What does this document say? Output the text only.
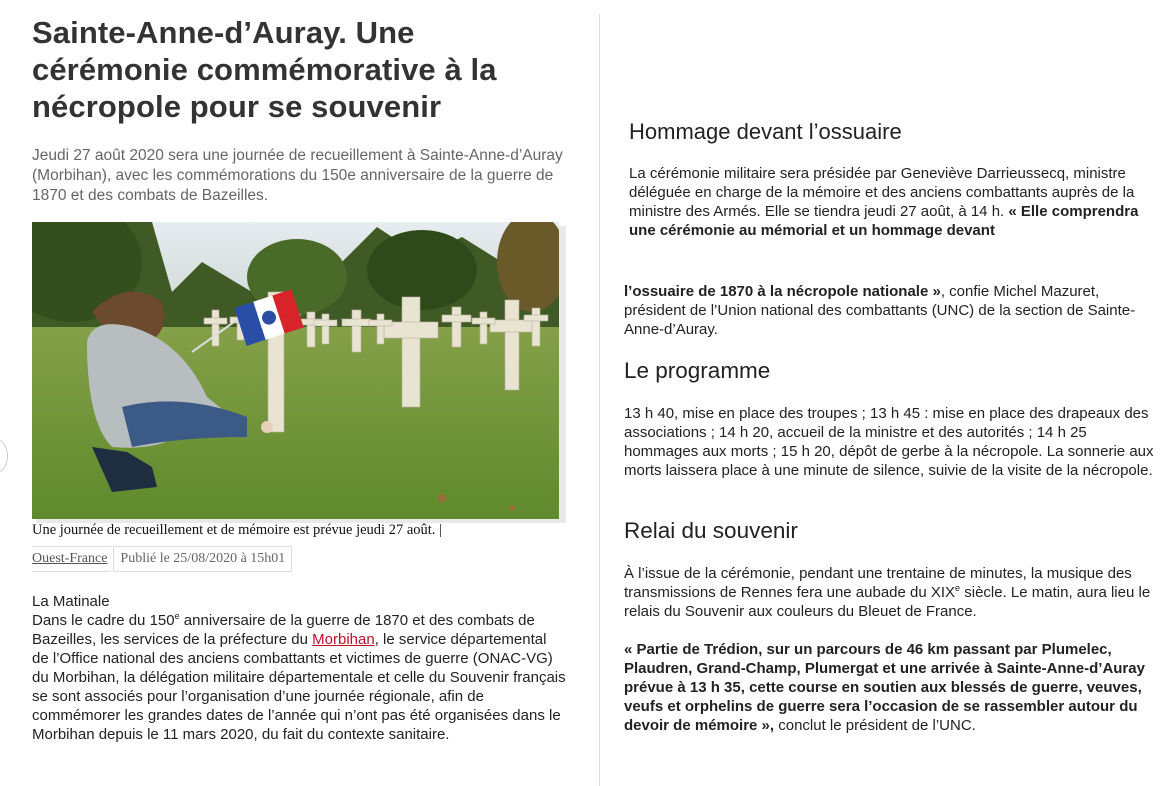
Sainte-Anne-d’Auray. Une cérémonie commémorative à la nécropole pour se souvenir
Jeudi 27 août 2020 sera une journée de recueillement à Sainte-Anne-d’Auray (Morbihan), avec les commémorations du 150e anniversaire de la guerre de 1870 et des combats de Bazeilles.
Une journée de recueillement et de mémoire est prévue jeudi 27 août. |
Ouest-France Publié le 25/08/2020 à 15h01
La Matinale
Dans le cadre du 150e anniversaire de la guerre de 1870 et des combats de Bazeilles, les services de la préfecture du Morbihan, le service départemental de l’Office national des anciens combattants et victimes de guerre (ONAC-VG) du Morbihan, la délégation militaire départementale et celle du Souvenir français se sont associés pour l’organisation d’une journée régionale, afin de commémorer les grandes dates de l’année qui n’ont pas été organisées dans le Morbihan depuis le 11 mars 2020, du fait du contexte sanitaire.
Hommage devant l’ossuaire
La cérémonie militaire sera présidée par Geneviève Darrieussecq, ministre déléguée en charge de la mémoire et des anciens combattants auprès de la ministre des Armés. Elle se tiendra jeudi 27 août, à 14 h. « Elle comprendra une cérémonie au mémorial et un hommage devant
l’ossuaire de 1870 à la nécropole nationale », confie Michel Mazuret, président de l’Union national des combattants (UNC) de la section de Sainte-Anne-d’Auray.
Le programme
13 h 40, mise en place des troupes ; 13 h 45 : mise en place des drapeaux des associations ; 14 h 20, accueil de la ministre et des autorités ; 14 h 25 hommages aux morts ; 15 h 20, dépôt de gerbe à la nécropole. La sonnerie aux morts laissera place à une minute de silence, suivie de la visite de la nécropole.
Relai du souvenir
À l’issue de la cérémonie, pendant une trentaine de minutes, la musique des transmissions de Rennes fera une aubade du XIXe siècle. Le matin, aura lieu le relais du Souvenir aux couleurs du Bleuet de France.
« Partie de Trédion, sur un parcours de 46 km passant par Plumelec, Plaudren, Grand-Champ, Plumergat et une arrivée à Sainte-Anne-d’Auray prévue à 13 h 35, cette course en soutien aux blessés de guerre, veuves, veufs et orphelins de guerre sera l’occasion de se rassembler autour du devoir de mémoire », conclut le président de l’UNC.
